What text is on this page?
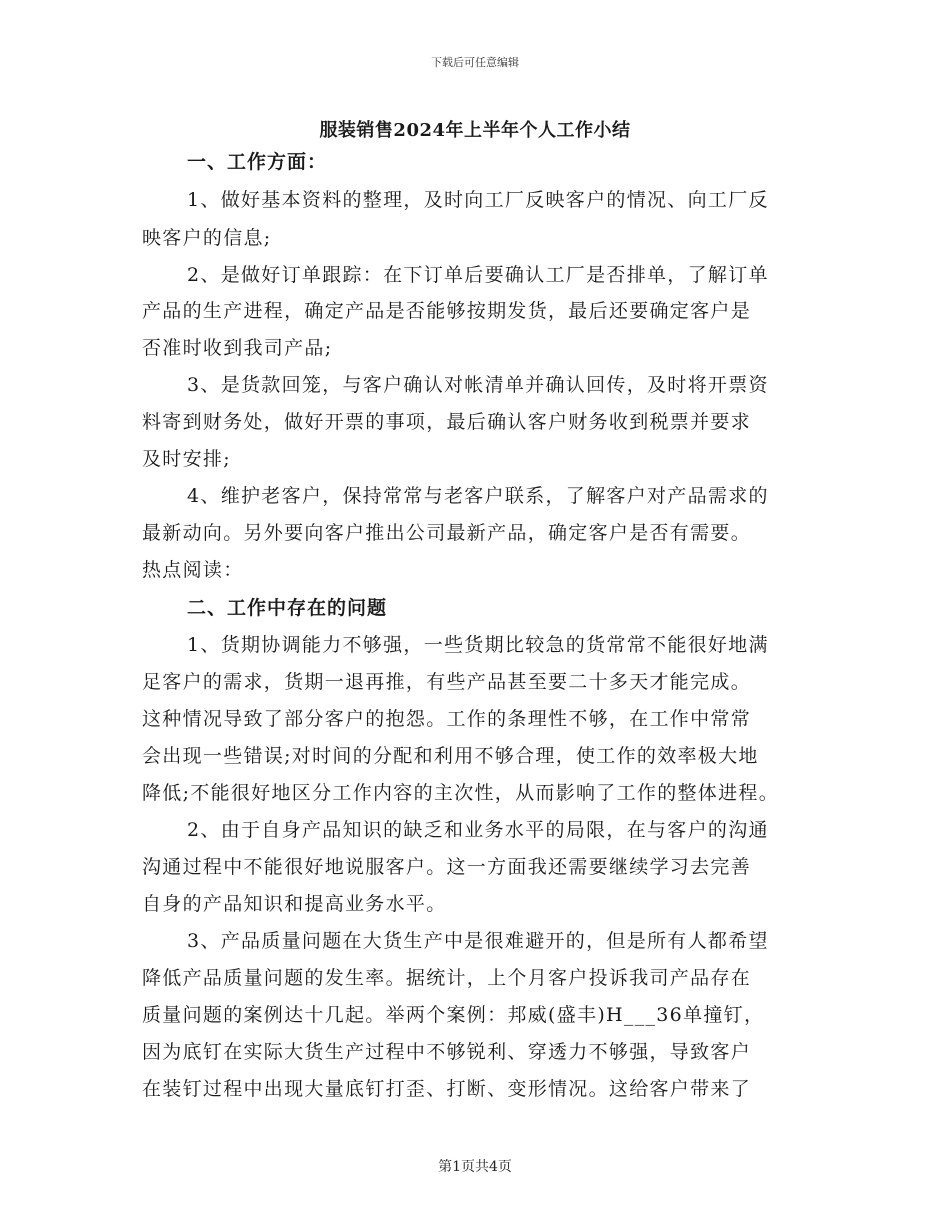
下载后可任意编辑
服装销售2024年上半年个人工作小结
一、工作方面：
1、做好基本资料的整理，及时向工厂反映客户的情况、向工厂反
映客户的信息;
2、是做好订单跟踪：在下订单后要确认工厂是否排单，了解订单
产品的生产进程，确定产品是否能够按期发货，最后还要确定客户是
否准时收到我司产品;
3、是货款回笼，与客户确认对帐清单并确认回传，及时将开票资
料寄到财务处，做好开票的事项，最后确认客户财务收到税票并要求
及时安排;
4、维护老客户，保持常常与老客户联系，了解客户对产品需求的
最新动向。另外要向客户推出公司最新产品，确定客户是否有需要。
热点阅读：
二、工作中存在的问题
1、货期协调能力不够强，一些货期比较急的货常常不能很好地满
足客户的需求，货期一退再推，有些产品甚至要二十多天才能完成。
这种情况导致了部分客户的抱怨。工作的条理性不够，在工作中常常
会出现一些错误;对时间的分配和利用不够合理，使工作的效率极大地
降低;不能很好地区分工作内容的主次性，从而影响了工作的整体进程。
2、由于自身产品知识的缺乏和业务水平的局限，在与客户的沟通
沟通过程中不能很好地说服客户。这一方面我还需要继续学习去完善
自身的产品知识和提高业务水平。
3、产品质量问题在大货生产中是很难避开的，但是所有人都希望
降低产品质量问题的发生率。据统计，上个月客户投诉我司产品存在
质量问题的案例达十几起。举两个案例：邦威(盛丰)H___36单撞钉，
因为底钉在实际大货生产过程中不够锐利、穿透力不够强，导致客户
在装钉过程中出现大量底钉打歪、打断、变形情况。这给客户带来了
第1页共4页
